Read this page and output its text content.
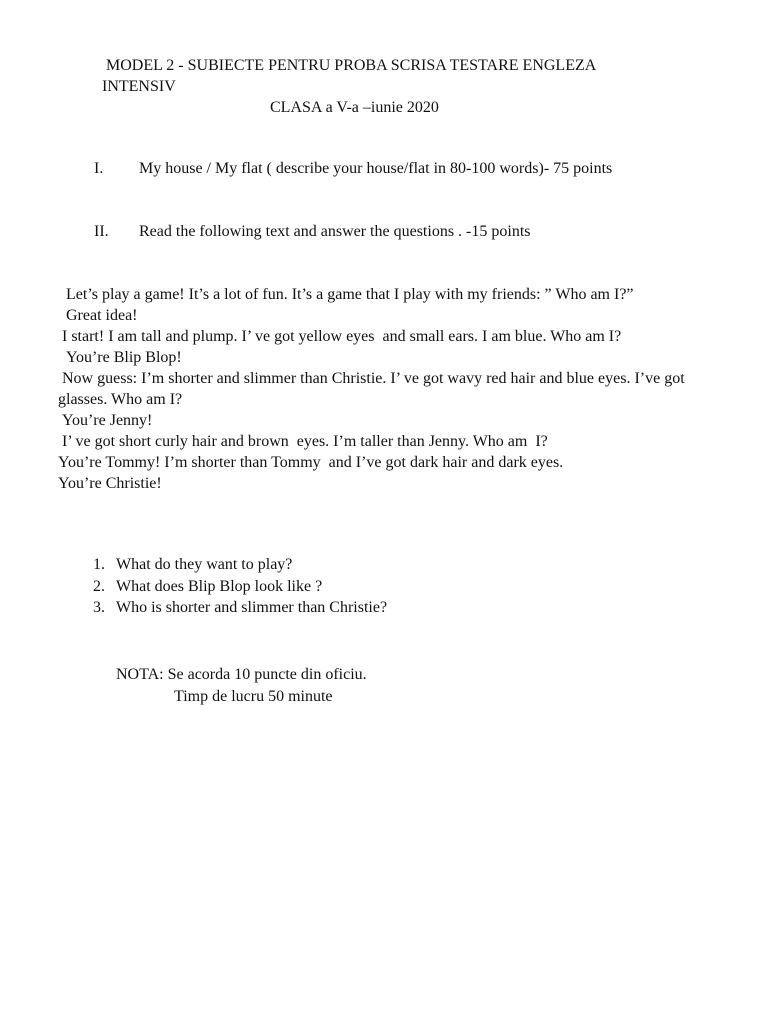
MODEL 2 - SUBIECTE PENTRU PROBA SCRISA TESTARE ENGLEZA
INTENSIV
CLASA a V-a –iunie 2020
I. My house / My flat ( describe your house/flat in 80-100 words)- 75 points
II. Read the following text and answer the questions . -15 points

Let’s play a game! It’s a lot of fun. It’s a game that I play with my friends: ” Who am I?”

Great idea!

I start! I am tall and plump. I’ ve got yellow eyes  and small ears. I am blue. Who am I?

You’re Blip Blop!

Now guess: I’m shorter and slimmer than Christie. I’ ve got wavy red hair and blue eyes. I’ve got glasses. Who am I?

You’re Jenny!

I’ ve got short curly hair and brown  eyes. I’m taller than Jenny. Who am  I?

You’re Tommy! I’m shorter than Tommy  and I’ve got dark hair and dark eyes.

You’re Christie!

1. What do they want to play?
2. What does Blip Blop look like ?
3. Who is shorter and slimmer than Christie?
NOTA: Se acorda 10 puncte din oficiu.
Timp de lucru 50 minute
